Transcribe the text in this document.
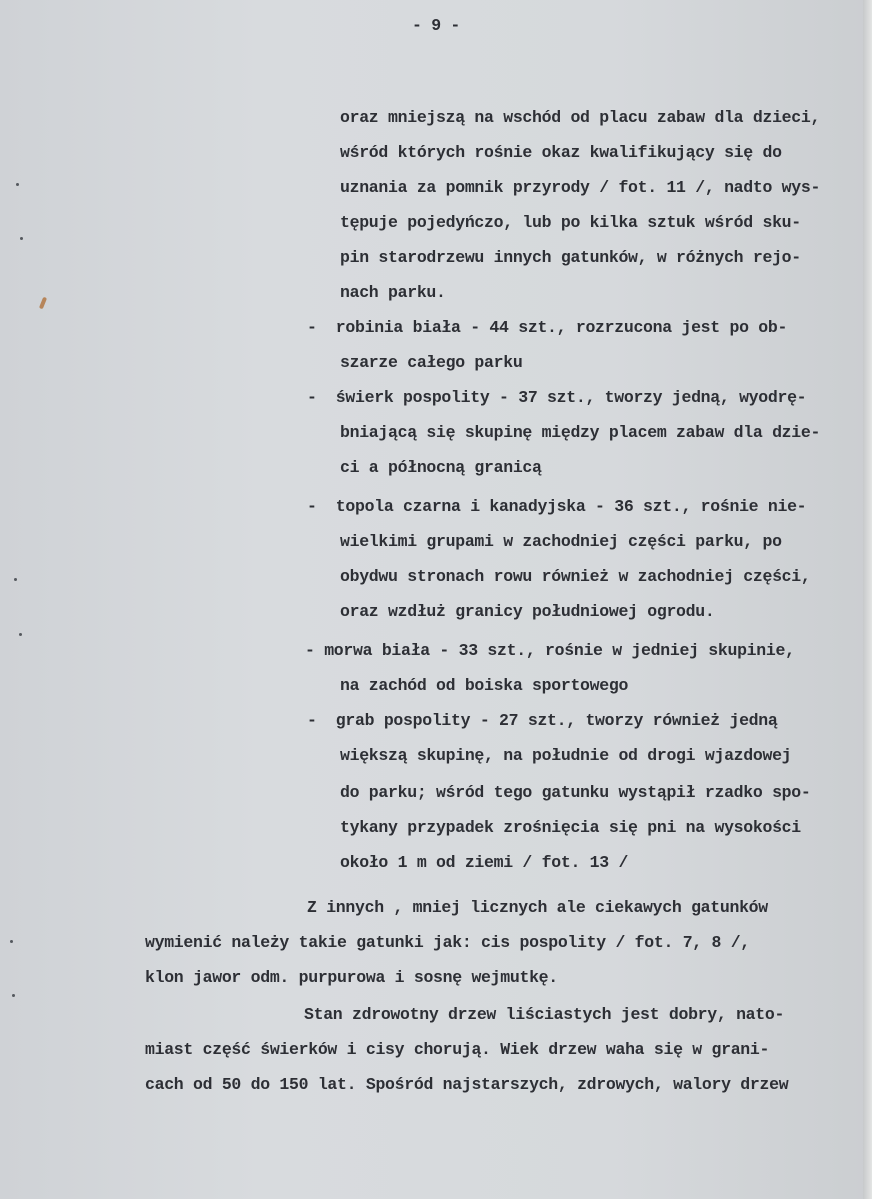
- 9 -
oraz mniejszą na wschód od placu zabaw dla dzieci,
wśród których rośnie okaz kwalifikujący się do
uznania za pomnik przyrody / fot. 11 /, nadto wys-
tępuje pojedyńczo, lub po kilka sztuk wśród sku-
pin starodrzewu innych gatunków, w różnych rejo-
nach parku.
-  robinia biała - 44 szt., rozrzucona jest po ob-
szarze całego parku
-  świerk pospolity - 37 szt., tworzy jedną, wyodrę-
bniającą się skupinę między placem zabaw dla dzie-
ci a północną granicą
-  topola czarna i kanadyjska - 36 szt., rośnie nie-
wielkimi grupami w zachodniej części parku, po
obydwu stronach rowu również w zachodniej części,
oraz wzdłuż granicy południowej ogrodu.
- morwa biała - 33 szt., rośnie w jedniej skupinie,
na zachód od boiska sportowego
-  grab pospolity - 27 szt., tworzy również jedną
większą skupinę, na południe od drogi wjazdowej
do parku; wśród tego gatunku wystąpił rzadko spo-
tykany przypadek zrośnięcia się pni na wysokości
około 1 m od ziemi / fot. 13 /
Z innych , mniej licznych ale ciekawych gatunków
wymienić należy takie gatunki jak: cis pospolity / fot. 7, 8 /,
klon jawor odm. purpurowa i sosnę wejmutkę.
Stan zdrowotny drzew liściastych jest dobry, nato-
miast część świerków i cisy chorują. Wiek drzew waha się w grani-
cach od 50 do 150 lat. Spośród najstarszych, zdrowych, walory drzew
